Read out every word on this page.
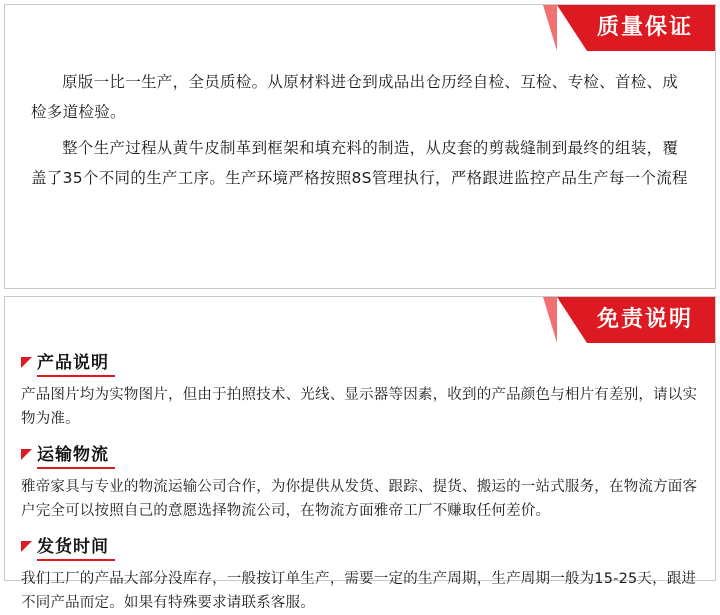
质量保证

原版一比一生产，全员质检。从原材料进仓到成品出仓历经自检、互检、专检、首检、成检多道检验。

整个生产过程从黄牛皮制革到框架和填充料的制造，从皮套的剪裁缝制到最终的组装，覆盖了35个不同的生产工序。生产环境严格按照8S管理执行，严格跟进监控产品生产每一个流程

免责说明
产品说明

产品图片均为实物图片，但由于拍照技术、光线、显示器等因素，收到的产品颜色与相片有差别，请以实物为准。

运输物流

雅帝家具与专业的物流运输公司合作，为你提供从发货、跟踪、提货、搬运的一站式服务，在物流方面客户完全可以按照自己的意愿选择物流公司，在物流方面雅帝工厂不赚取任何差价。

发货时间

我们工厂的产品大部分没库存，一般按订单生产，需要一定的生产周期，生产周期一般为15-25天，跟进不同产品而定。如果有特殊要求请联系客服。
